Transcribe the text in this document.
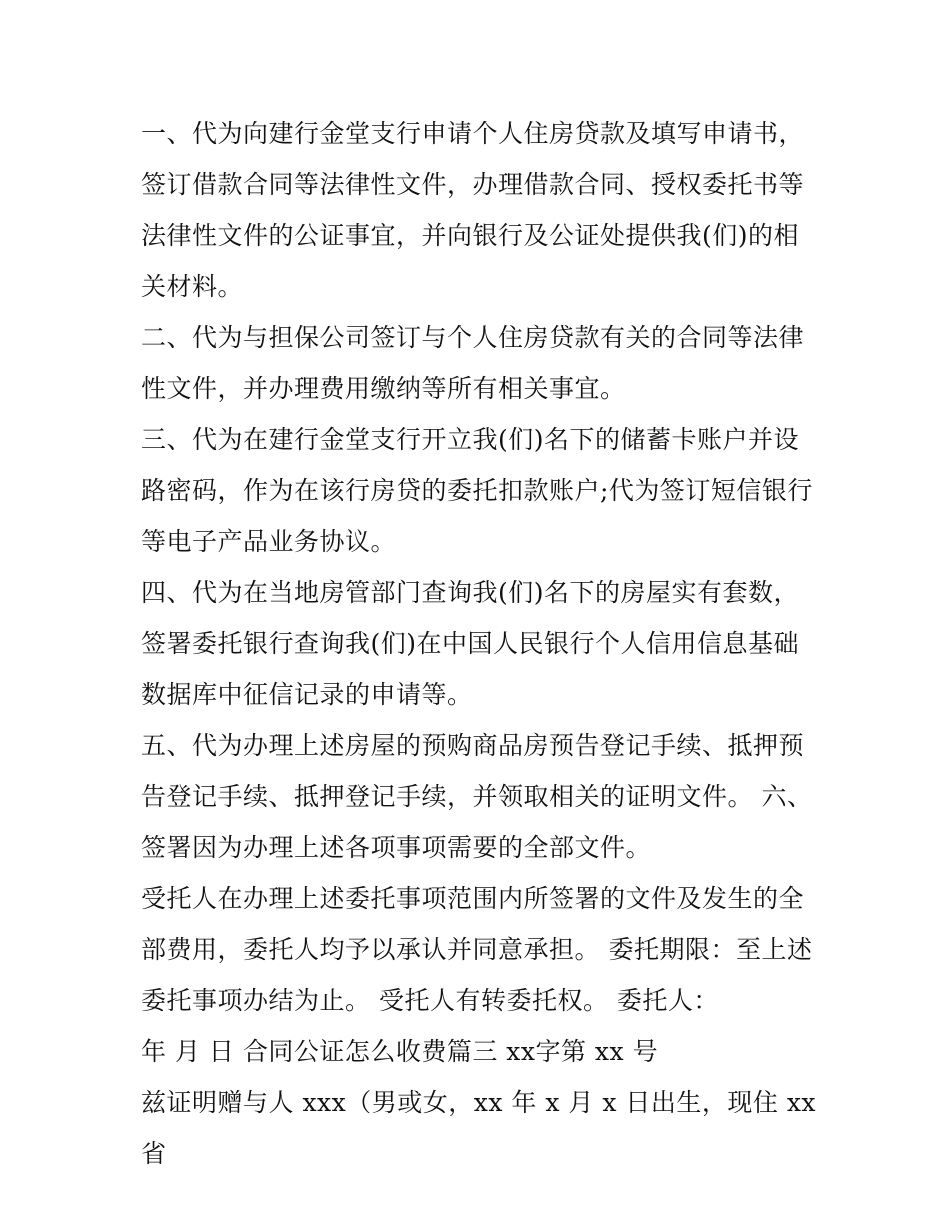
一、代为向建行金堂支行申请个人住房贷款及填写申请书，签订借款合同等法律性文件，办理借款合同、授权委托书等法律性文件的公证事宜，并向银行及公证处提供我(们)的相关材料。

二、代为与担保公司签订与个人住房贷款有关的合同等法律性文件，并办理费用缴纳等所有相关事宜。

三、代为在建行金堂支行开立我(们)名下的储蓄卡账户并设路密码，作为在该行房贷的委托扣款账户;代为签订短信银行等电子产品业务协议。

四、代为在当地房管部门查询我(们)名下的房屋实有套数，签署委托银行查询我(们)在中国人民银行个人信用信息基础数据库中征信记录的申请等。

五、代为办理上述房屋的预购商品房预告登记手续、抵押预告登记手续、抵押登记手续，并领取相关的证明文件。 六、签署因为办理上述各项事项需要的全部文件。

受托人在办理上述委托事项范围内所签署的文件及发生的全部费用，委托人均予以承认并同意承担。 委托期限：至上述委托事项办结为止。 受托人有转委托权。 委托人：

年 月 日 合同公证怎么收费篇三 xx字第 xx 号

兹证明赠与人 xxx（男或女，xx 年 x 月 x 日出生，现住 xx 省
